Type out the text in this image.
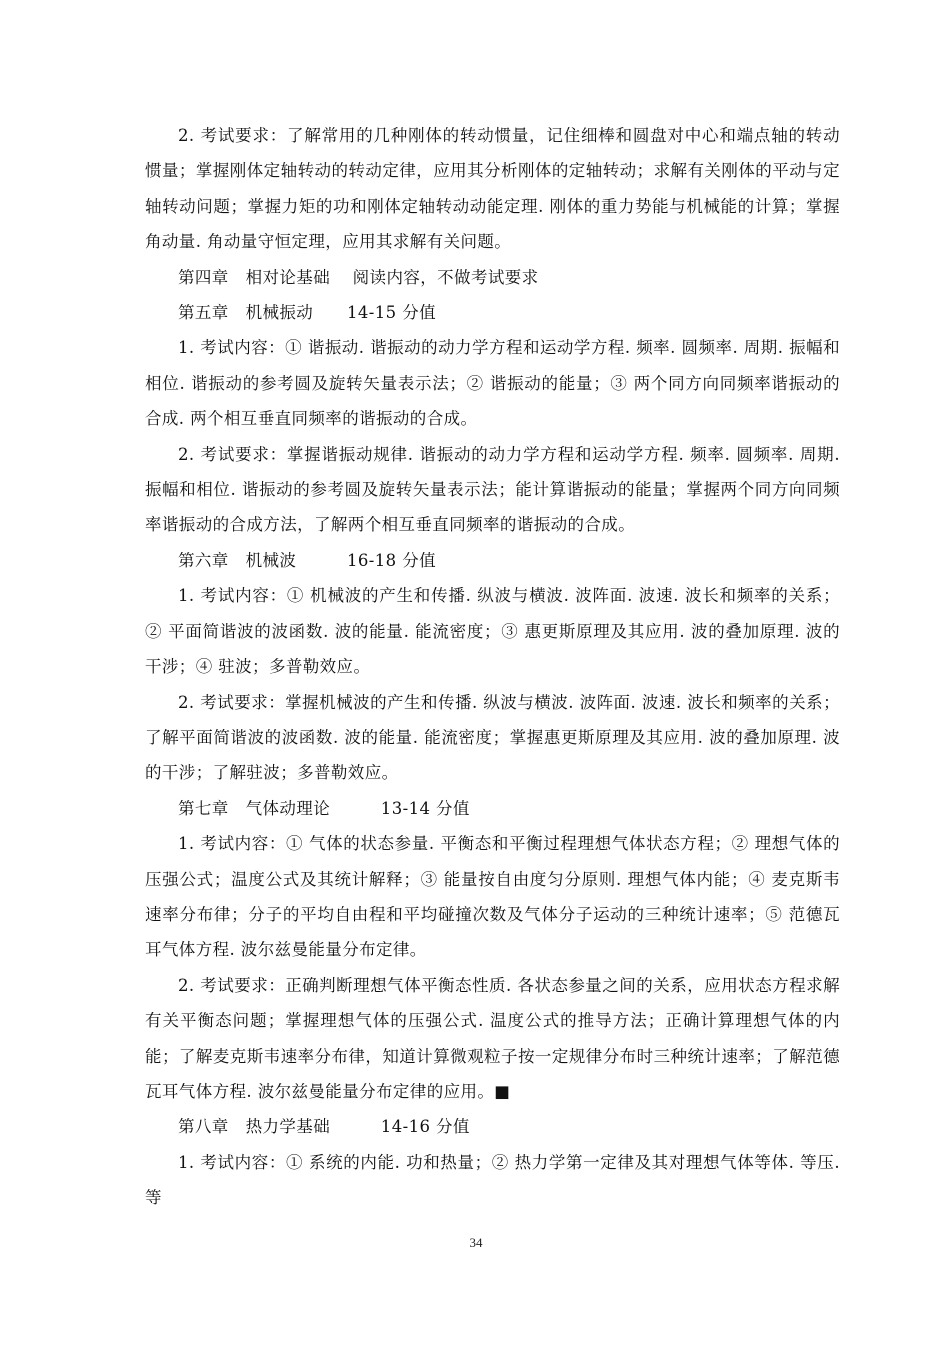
2. 考试要求：了解常用的几种刚体的转动惯量，记住细棒和圆盘对中心和端点轴的转动惯量；掌握刚体定轴转动的转动定律，应用其分析刚体的定轴转动；求解有关刚体的平动与定轴转动问题；掌握力矩的功和刚体定轴转动动能定理. 刚体的重力势能与机械能的计算；掌握角动量. 角动量守恒定理，应用其求解有关问题。

第四章　相对论基础　 阅读内容，不做考试要求

第五章　机械振动　　14-15 分值

1. 考试内容：① 谐振动. 谐振动的动力学方程和运动学方程. 频率. 圆频率. 周期. 振幅和相位. 谐振动的参考圆及旋转矢量表示法；② 谐振动的能量；③ 两个同方向同频率谐振动的合成. 两个相互垂直同频率的谐振动的合成。

2. 考试要求：掌握谐振动规律. 谐振动的动力学方程和运动学方程. 频率. 圆频率. 周期. 振幅和相位. 谐振动的参考圆及旋转矢量表示法；能计算谐振动的能量；掌握两个同方向同频率谐振动的合成方法，了解两个相互垂直同频率的谐振动的合成。

第六章　机械波　　　16-18 分值

1. 考试内容：① 机械波的产生和传播. 纵波与横波. 波阵面. 波速. 波长和频率的关系；② 平面简谐波的波函数. 波的能量. 能流密度；③ 惠更斯原理及其应用. 波的叠加原理. 波的干涉；④ 驻波；多普勒效应。

2. 考试要求：掌握机械波的产生和传播. 纵波与横波. 波阵面. 波速. 波长和频率的关系；了解平面简谐波的波函数. 波的能量. 能流密度；掌握惠更斯原理及其应用. 波的叠加原理. 波的干涉；了解驻波；多普勒效应。

第七章　气体动理论　　　13-14 分值

1. 考试内容：① 气体的状态参量. 平衡态和平衡过程理想气体状态方程；② 理想气体的压强公式；温度公式及其统计解释；③ 能量按自由度匀分原则. 理想气体内能；④ 麦克斯韦速率分布律；分子的平均自由程和平均碰撞次数及气体分子运动的三种统计速率；⑤ 范德瓦耳气体方程. 波尔兹曼能量分布定律。

2. 考试要求：正确判断理想气体平衡态性质. 各状态参量之间的关系，应用状态方程求解有关平衡态问题；掌握理想气体的压强公式. 温度公式的推导方法；正确计算理想气体的内能；了解麦克斯韦速率分布律，知道计算微观粒子按一定规律分布时三种统计速率；了解范德瓦耳气体方程. 波尔兹曼能量分布定律的应用。■

第八章　热力学基础　　　14-16 分值

1. 考试内容：① 系统的内能. 功和热量；② 热力学第一定律及其对理想气体等体. 等压. 等

34
